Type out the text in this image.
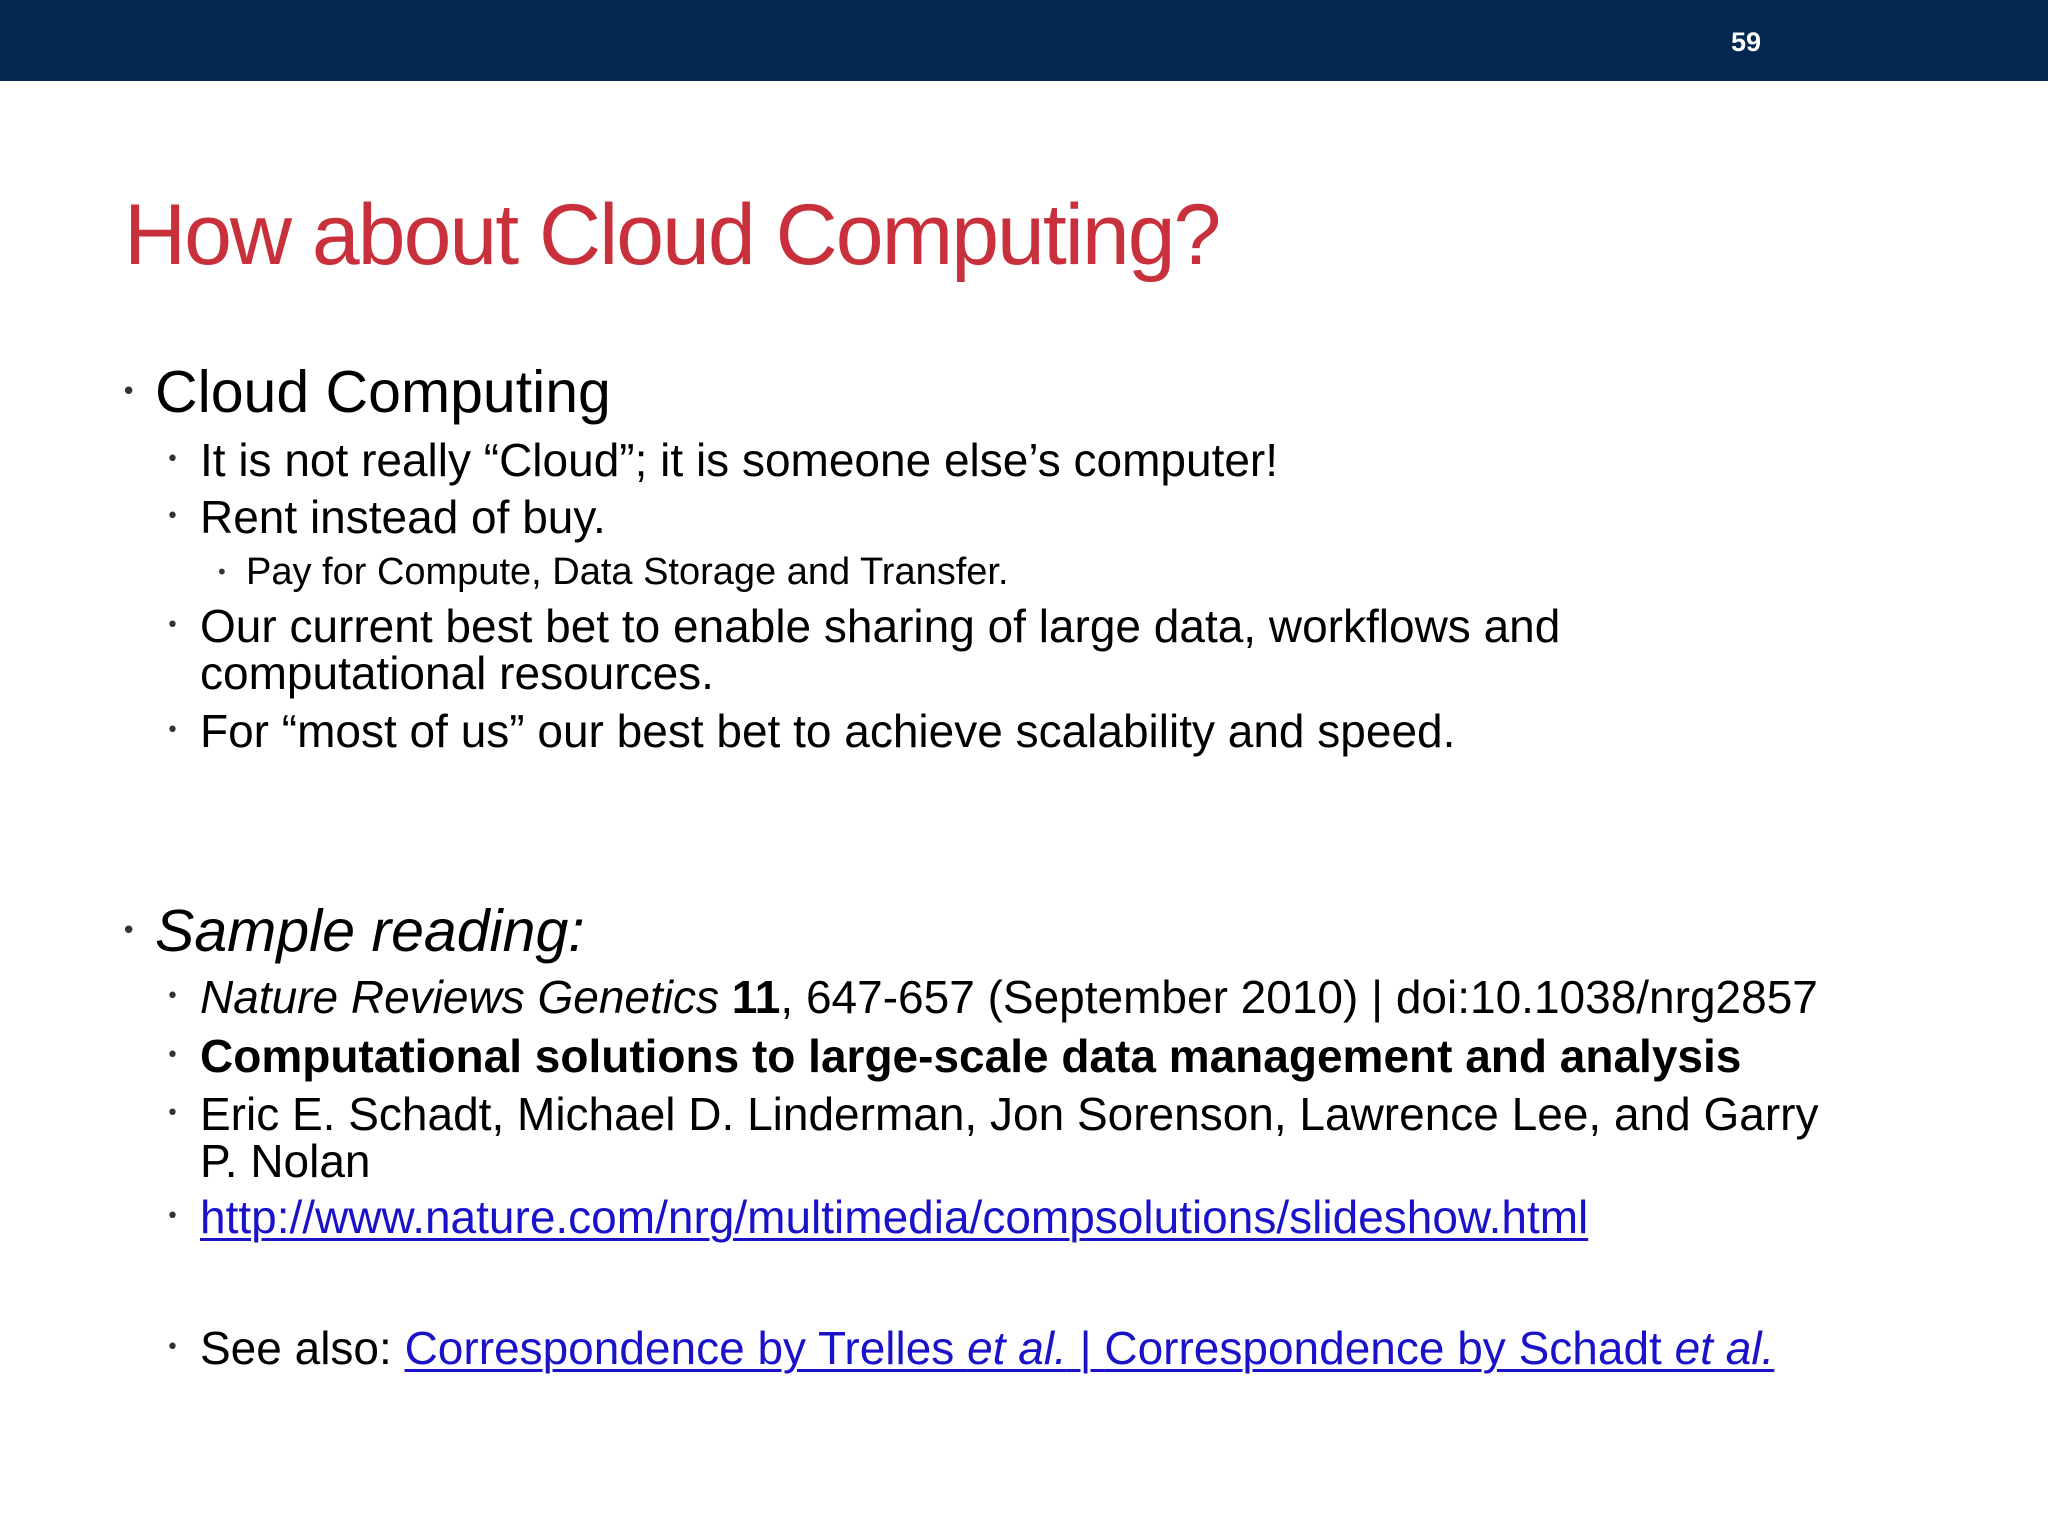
59
How about Cloud Computing?
• Cloud Computing
• It is not really “Cloud”; it is someone else’s computer!
• Rent instead of buy.
• Pay for Compute, Data Storage and Transfer.
• Our current best bet to enable sharing of large data, workflows and
computational resources.
• For “most of us” our best bet to achieve scalability and speed.
• Sample reading:
• Nature Reviews Genetics 11, 647-657 (September 2010) | doi:10.1038/nrg2857
• Computational solutions to large-scale data management and analysis
• Eric E. Schadt, Michael D. Linderman, Jon Sorenson, Lawrence Lee, and Garry
P. Nolan
• http://www.nature.com/nrg/multimedia/compsolutions/slideshow.html
• See also: Correspondence by Trelles et al. | Correspondence by Schadt et al.
